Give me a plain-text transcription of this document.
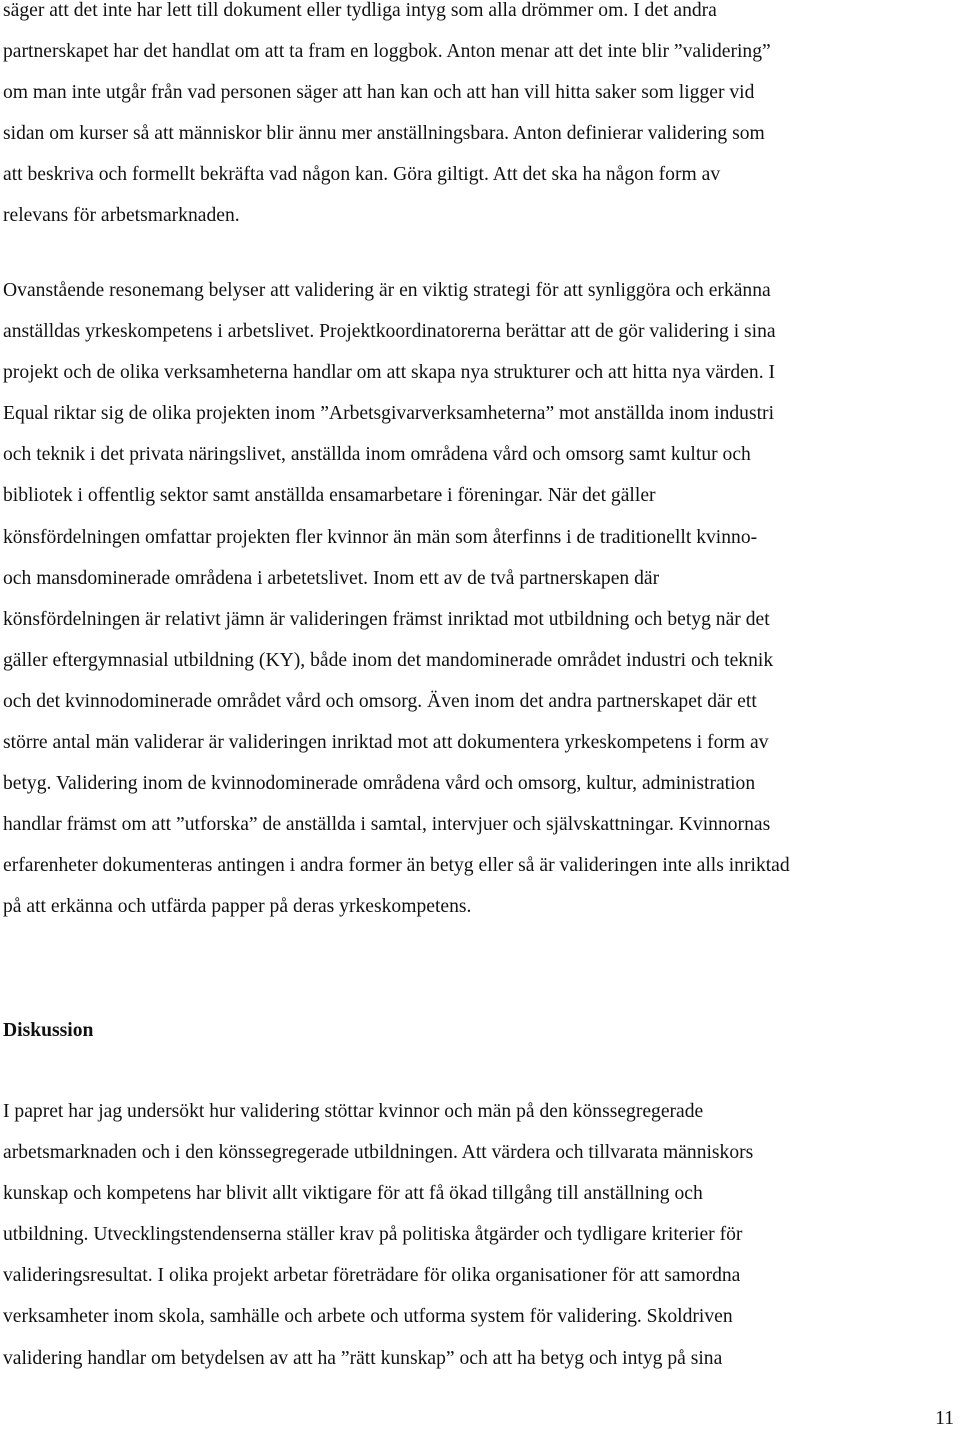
säger att det inte har lett till dokument eller tydliga intyg som alla drömmer om. I det andra
partnerskapet har det handlat om att ta fram en loggbok. Anton menar att det inte blir ”validering”
om man inte utgår från vad personen säger att han kan och att han vill hitta saker som ligger vid
sidan om kurser så att människor blir ännu mer anställningsbara. Anton definierar validering som
att beskriva och formellt bekräfta vad någon kan. Göra giltigt. Att det ska ha någon form av
relevans för arbetsmarknaden.
Ovanstående resonemang belyser att validering är en viktig strategi för att synliggöra och erkänna
anställdas yrkeskompetens i arbetslivet. Projektkoordinatorerna berättar att de gör validering i sina
projekt och de olika verksamheterna handlar om att skapa nya strukturer och att hitta nya värden. I
Equal riktar sig de olika projekten inom ”Arbetsgivarverksamheterna” mot anställda inom industri
och teknik i det privata näringslivet, anställda inom områdena vård och omsorg samt kultur och
bibliotek i offentlig sektor samt anställda ensamarbetare i föreningar. När det gäller
könsfördelningen omfattar projekten fler kvinnor än män som återfinns i de traditionellt kvinno-
och mansdominerade områdena i arbetetslivet. Inom ett av de två partnerskapen där
könsfördelningen är relativt jämn är valideringen främst inriktad mot utbildning och betyg när det
gäller eftergymnasial utbildning (KY), både inom det mandominerade området industri och teknik
och det kvinnodominerade området vård och omsorg. Även inom det andra partnerskapet där ett
större antal män validerar är valideringen inriktad mot att dokumentera yrkeskompetens i form av
betyg. Validering inom de kvinnodominerade områdena vård och omsorg, kultur, administration
handlar främst om att ”utforska” de anställda i samtal, intervjuer och självskattningar. Kvinnornas
erfarenheter dokumenteras antingen i andra former än betyg eller så är valideringen inte alls inriktad
på att erkänna och utfärda papper på deras yrkeskompetens.
Diskussion
I papret har jag undersökt hur validering stöttar kvinnor och män på den könssegregerade
arbetsmarknaden och i den könssegregerade utbildningen. Att värdera och tillvarata människors
kunskap och kompetens har blivit allt viktigare för att få ökad tillgång till anställning och
utbildning. Utvecklingstendenserna ställer krav på politiska åtgärder och tydligare kriterier för
valideringsresultat. I olika projekt arbetar företrädare för olika organisationer för att samordna
verksamheter inom skola, samhälle och arbete och utforma system för validering. Skoldriven
validering handlar om betydelsen av att ha ”rätt kunskap” och att ha betyg och intyg på sina
11
